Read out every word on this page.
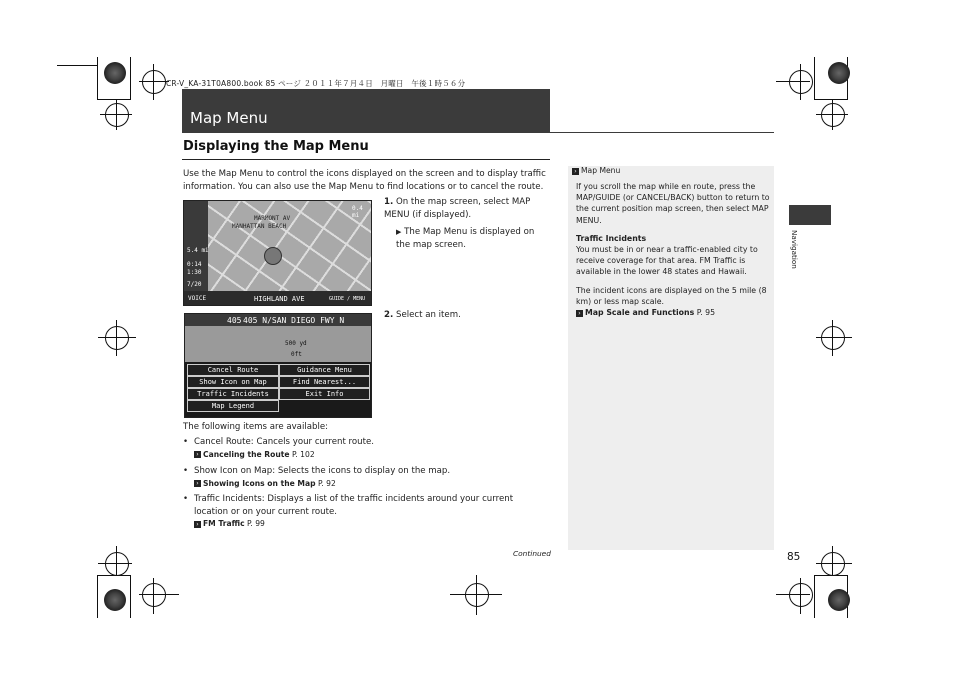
CR-V_KA-31T0A800.book 85 ページ ２０１１年７月４日　月曜日　午後１時５６分
Map Menu
Displaying the Map Menu
Use the Map Menu to control the icons displayed on the screen and to display traffic information. You can also use the Map Menu to find locations or to cancel the route.
0.4 mi
MARMONT AV
MANHATTAN BEACH
5.4 mi
0:14
1:30
7/20
VOICE	HIGHLAND AVE	GUIDE / MENU
1. On the map screen, select MAP MENU (if displayed).
▶ The Map Menu is displayed on the map screen.
405 405 N/SAN DIEGO FWY N
500 yd
0ft
Cancel Route	Guidance Menu
Show Icon on Map	Find Nearest...
Traffic Incidents	Exit Info
Map Legend
2. Select an item.
The following items are available:
• Cancel Route: Cancels your current route.
› Canceling the Route P. 102
• Show Icon on Map: Selects the icons to display on the map.
› Showing Icons on the Map P. 92
• Traffic Incidents: Displays a list of the traffic incidents around your current location or on your current route.
› FM Traffic P. 99
› Map Menu
If you scroll the map while en route, press the MAP/GUIDE (or CANCEL/BACK) button to return to the current position map screen, then select MAP MENU.
Traffic Incidents
You must be in or near a traffic-enabled city to receive coverage for that area. FM Traffic is available in the lower 48 states and Hawaii.
The incident icons are displayed on the 5 mile (8 km) or less map scale.
› Map Scale and Functions P. 95
Navigation
Continued	85
